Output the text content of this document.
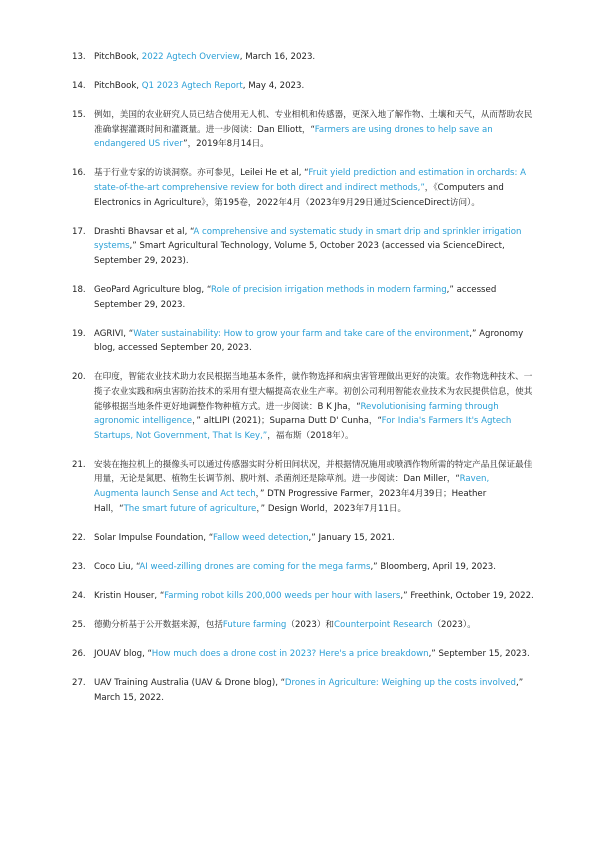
13. PitchBook, 2022 Agtech Overview, March 16, 2023.
14. PitchBook, Q1 2023 Agtech Report, May 4, 2023.
15. 例如，美国的农业研究人员已结合使用无人机、专业相机和传感器，更深入地了解作物、土壤和天气，从而帮助农民准确掌握灌溉时间和灌溉量。进一步阅读：Dan Elliott，“Farmers are using drones to help save an endangered US river”，2019年8月14日。
16. 基于行业专家的访谈洞察。亦可参见，Leilei He et al, “Fruit yield prediction and estimation in orchards: A state-of-the-art comprehensive review for both direct and indirect methods,”，《Computers and Electronics in Agriculture》，第195卷，2022年4月（2023年9月29日通过ScienceDirect访问）。
17. Drashti Bhavsar et al, “A comprehensive and systematic study in smart drip and sprinkler irrigation systems,” Smart Agricultural Technology, Volume 5, October 2023 (accessed via ScienceDirect, September 29, 2023).
18. GeoPard Agriculture blog, “Role of precision irrigation methods in modern farming,” accessed September 29, 2023.
19. AGRIVI, “Water sustainability: How to grow your farm and take care of the environment,” Agronomy blog, accessed September 20, 2023.
20. 在印度，智能农业技术助力农民根据当地基本条件，就作物选择和病虫害管理做出更好的决策。农作物选种技术、一揽子农业实践和病虫害防治技术的采用有望大幅提高农业生产率。初创公司利用智能农业技术为农民提供信息，使其能够根据当地条件更好地调整作物种植方式。进一步阅读：B K Jha，“Revolutionising farming through agronomic intelligence，” altLIPI (2021)；Suparna Dutt D' Cunha，“For India's Farmers It's Agtech Startups, Not Government, That Is Key,”，福布斯（2018年）。
21. 安装在拖拉机上的摄像头可以通过传感器实时分析田间状况，并根据情况施用或喷洒作物所需的特定产品且保证最佳用量，无论是氮肥、植物生长调节剂、脱叶剂、杀菌剂还是除草剂。进一步阅读：Dan Miller，“Raven, Augmenta launch Sense and Act tech，” DTN Progressive Farmer，2023年4月39日；Heather Hall，“The smart future of agriculture，” Design World，2023年7月11日。
22. Solar Impulse Foundation, “Fallow weed detection,” January 15, 2021.
23. Coco Liu, “AI weed-zilling drones are coming for the mega farms,” Bloomberg, April 19, 2023.
24. Kristin Houser, “Farming robot kills 200,000 weeds per hour with lasers,” Freethink, October 19, 2022.
25. 德勤分析基于公开数据来源，包括Future farming（2023）和Counterpoint Research（2023）。
26. JOUAV blog, “How much does a drone cost in 2023? Here's a price breakdown,” September 15, 2023.
27. UAV Training Australia (UAV & Drone blog), “Drones in Agriculture: Weighing up the costs involved,” March 15, 2022.
